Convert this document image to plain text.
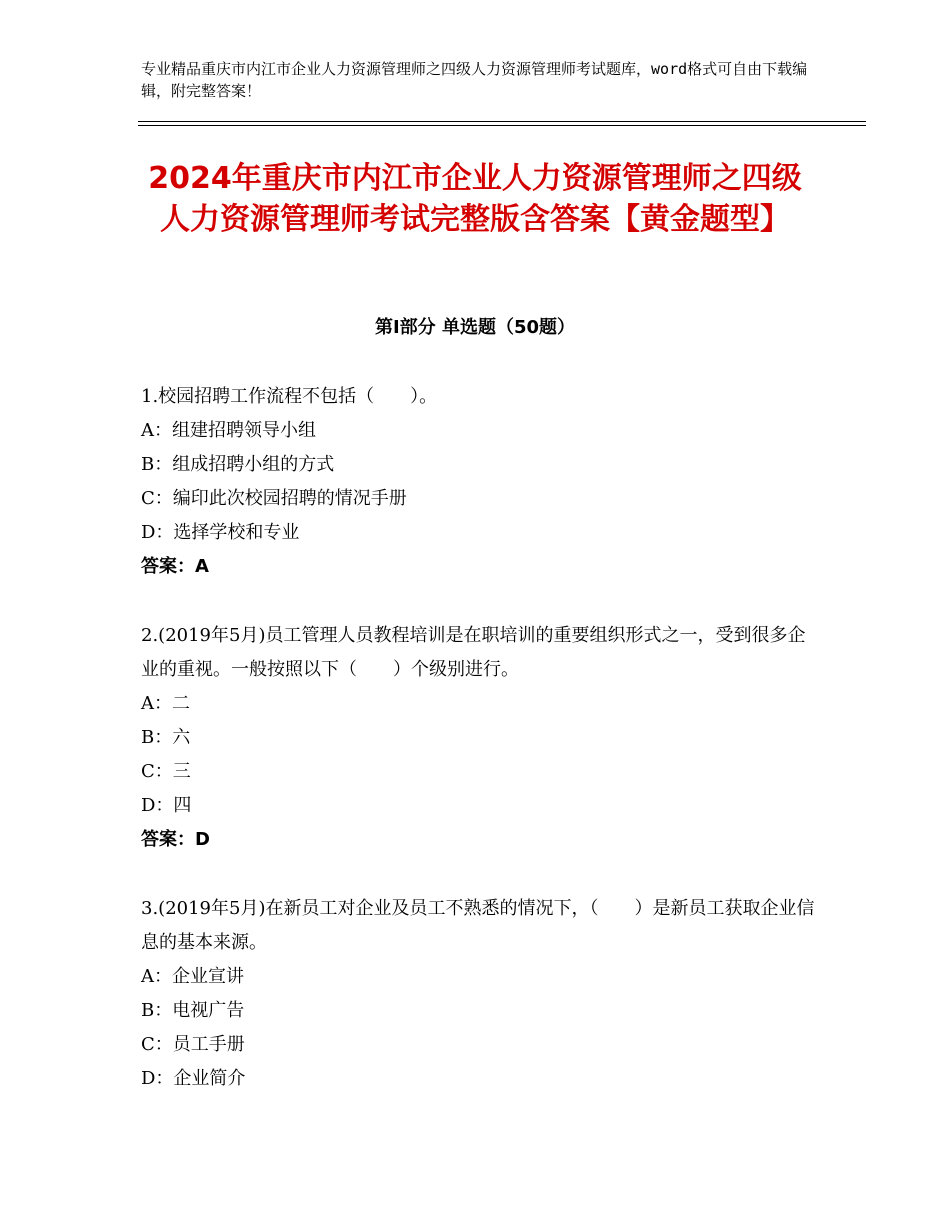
专业精品重庆市内江市企业人力资源管理师之四级人力资源管理师考试题库，word格式可自由下载编辑，附完整答案！
2024年重庆市内江市企业人力资源管理师之四级人力资源管理师考试完整版含答案【黄金题型】
第Ⅰ部分 单选题（50题）
1.校园招聘工作流程不包括（　　）。
A：组建招聘领导小组
B：组成招聘小组的方式
C：编印此次校园招聘的情况手册
D：选择学校和专业
答案：A
2.(2019年5月)员工管理人员教程培训是在职培训的重要组织形式之一，受到很多企业的重视。一般按照以下（　　）个级别进行。
A：二
B：六
C：三
D：四
答案：D
3.(2019年5月)在新员工对企业及员工不熟悉的情况下，（　　）是新员工获取企业信息的基本来源。
A：企业宣讲
B：电视广告
C：员工手册
D：企业简介
